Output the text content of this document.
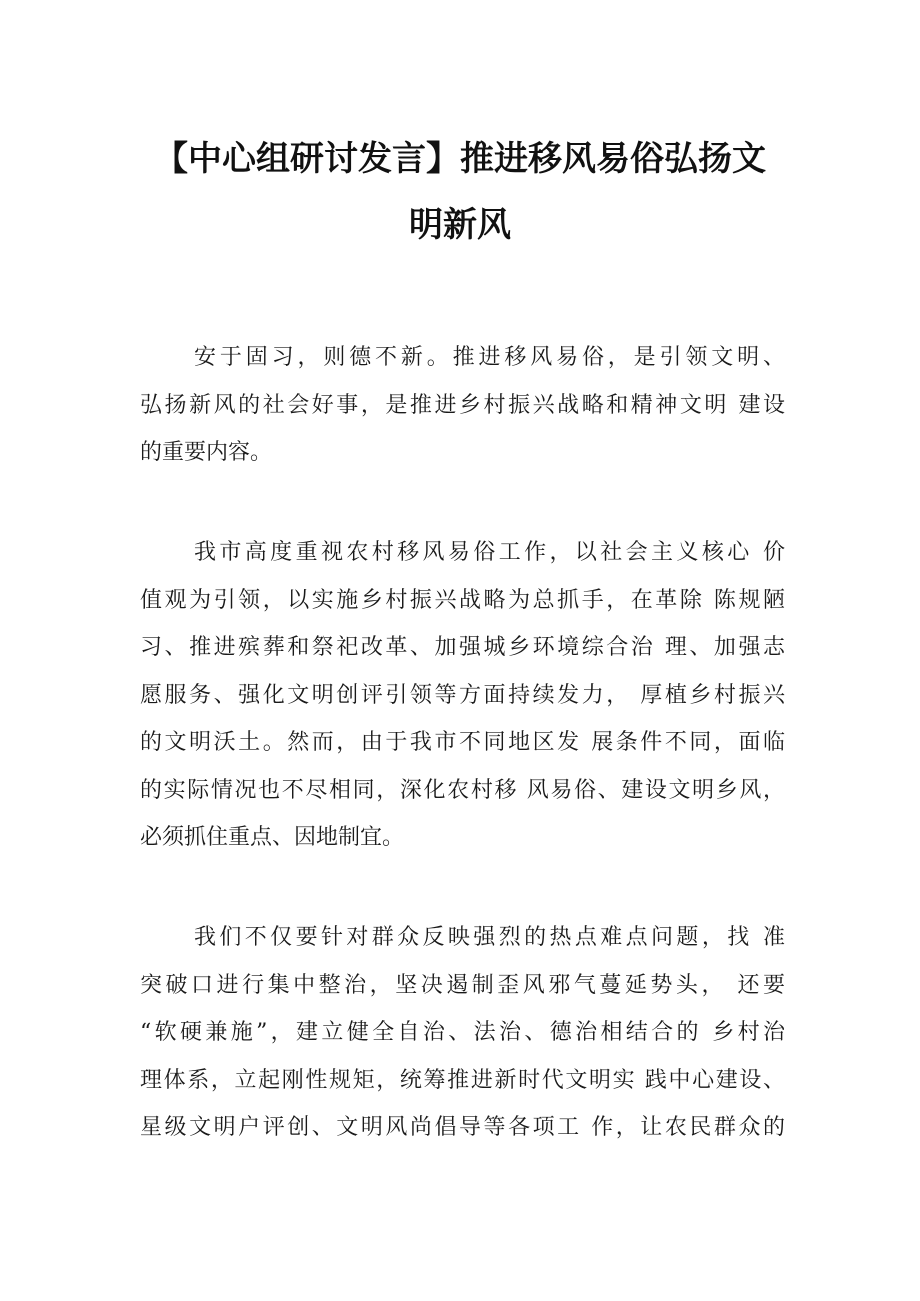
【中心组研讨发言】推进移风易俗弘扬文
明新风
安于固习，则德不新。推进移风易俗，是引领文明、
弘扬新风的社会好事，是推进乡村振兴战略和精神文明 建设
的重要内容。
我市高度重视农村移风易俗工作，以社会主义核心 价
值观为引领，以实施乡村振兴战略为总抓手，在革除 陈规陋
习、推进殡葬和祭祀改革、加强城乡环境综合治 理、加强志
愿服务、强化文明创评引领等方面持续发力， 厚植乡村振兴
的文明沃土。然而，由于我市不同地区发 展条件不同，面临
的实际情况也不尽相同，深化农村移 风易俗、建设文明乡风，
必须抓住重点、因地制宜。
我们不仅要针对群众反映强烈的热点难点问题，找 准
突破口进行集中整治，坚决遏制歪风邪气蔓延势头， 还要
“软硬兼施”，建立健全自治、法治、德治相结合的 乡村治
理体系，立起刚性规矩，统筹推进新时代文明实 践中心建设、
星级文明户评创、文明风尚倡导等各项工 作，让农民群众的
